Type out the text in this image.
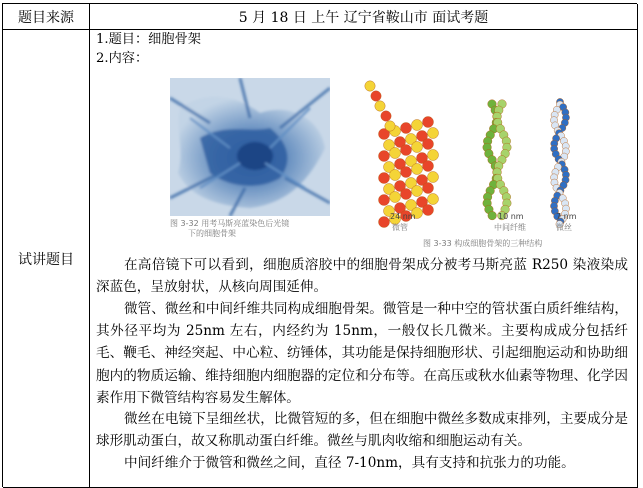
题目来源	5 月 18 日 上午 辽宁省鞍山市 面试考题
试讲题目
1.题目：细胞骨架
2.内容：
图 3-32 用考马斯亮蓝染色后光镜
下的细胞骨架
24 nm
微管
10 nm
中间纤维
7 nm
微丝
图 3-33 构成细胞骨架的三种结构
在高倍镜下可以看到，细胞质溶胶中的细胞骨架成分被考马斯亮蓝 R250 染液染成深蓝色，呈放射状，从核向周围延伸。
微管、微丝和中间纤维共同构成细胞骨架。微管是一种中空的管状蛋白质纤维结构，其外径平均为 25nm 左右，内经约为 15nm，一般仅长几微米。主要构成成分包括纤毛、鞭毛、神经突起、中心粒、纺锤体，其功能是保持细胞形状、引起细胞运动和协助细胞内的物质运输、维持细胞内细胞器的定位和分布等。在高压或秋水仙素等物理、化学因素作用下微管结构容易发生解体。
微丝在电镜下呈细丝状，比微管短的多，但在细胞中微丝多数成束排列，主要成分是球形肌动蛋白，故又称肌动蛋白纤维。微丝与肌肉收缩和细胞运动有关。
中间纤维介于微管和微丝之间，直径 7-10nm，具有支持和抗张力的功能。
